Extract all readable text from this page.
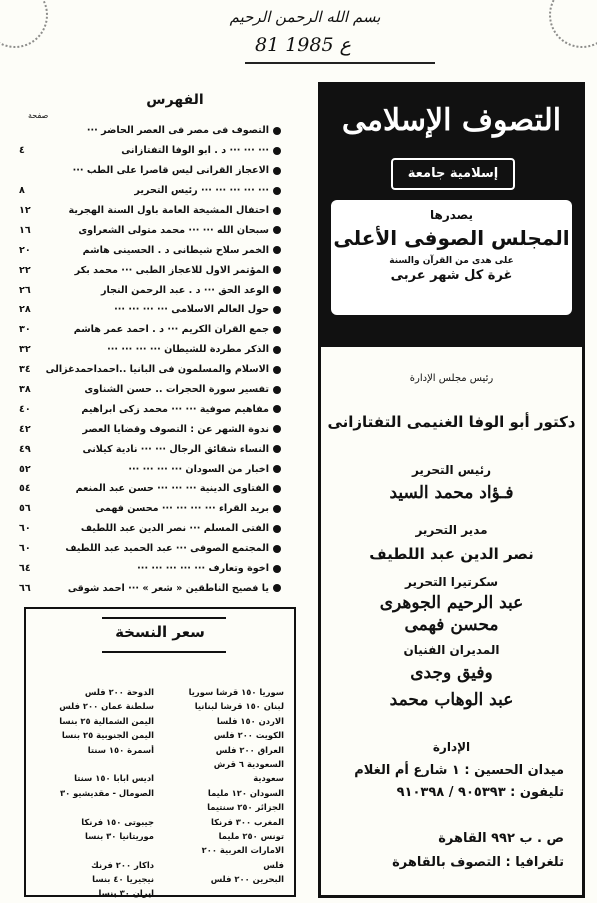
بسم الله الرحمن الرحيم
81 ع 1985
الفهرس
صفحة
التصوف فى مصر فى العصر الحاضر ···
··· ··· ··· د . ابو الوفا التفتازانى
٤
الاعجاز القرانى ليس قاصرا على الطب ···
··· ··· ··· ··· ··· رئيس التحرير
٨
احتفال المشيخة العامة باول السنة الهجرية
١٢
سبحان الله ··· ··· محمد متولى الشعراوى
١٦
الخمر سلاح شيطانى د . الحسينى هاشم
٢٠
المؤتمر الاول للاعجاز الطبى ··· محمد بكر
٢٢
الوعد الحق ··· د . عبد الرحمن النجار
٢٦
حول العالم الاسلامى ··· ··· ··· ···
٢٨
جمع القران الكريم ··· د . احمد عمر هاشم
٣٠
الذكر مطردة للشيطان ··· ··· ··· ···
٣٢
الاسلام والمسلمون فى البانيا ..احمداحمدغزالى
٣٤
تفسير سورة الحجرات .. حسن الشناوى
٣٨
مفاهيم صوفية ··· ··· محمد زكى ابراهيم
٤٠
ندوة الشهر عن : التصوف وقضايا العصر
٤٢
النساء شقائق الرجال ··· ··· نادية كيلانى
٤٩
اخبار من السودان ··· ··· ··· ···
٥٢
الفتاوى الدينية ··· ··· ··· حسن عبد المنعم
٥٤
بريد القراء ··· ··· ··· ··· محسن فهمى
٥٦
الفتى المسلم ··· نصر الدين عبد اللطيف
٦٠
المجتمع الصوفى ··· عبد الحميد عبد اللطيف
٦٠
اخوة وتعارف ··· ··· ··· ··· ···
٦٤
يا فصيح الناطقين « شعر » ··· احمد شوقى
٦٦
سعر النسخة
سوريا ١٥٠ قرشا سوريا
لبنان ١٥٠ قرشا لبنانيا
الاردن ١٥٠ فلسا
الكويت ٢٠٠ فلس
العراق ٢٠٠ فلس
السعودية ٦ قرش
سعودية
السودان ١٢٠ مليما
الجزائر ٢٥٠ سنتيما
المغرب ٣٠٠ فرنكا
تونس ٢٥٠ مليما
الامارات العربية ٢٠٠
فلس
البحرين ٢٠٠ فلس
الدوحة ٢٠٠ فلس
سلطنة عمان ٢٠٠ فلس
اليمن الشمالية ٢٥ بنسا
اليمن الجنوبية ٢٥ بنسا
أسمرة ١٥٠ سنتا
اديس ابابا ١٥٠ سنتا
الصومال - مقديشيو ٣٠
جيبوتى ١٥٠ فرنكا
موريتانيا ٣٠ بنسا
داكار ٢٠٠ فرنك
نيجيريا ٤٠ بنسا
ايران ٣٠ بنسا
التصوف الإسلامى
إسلامية جامعة
يصدرها
المجلس الصوفى الأعلى
على هدى من القرآن والسنة
غرة كل شهر عربى
رئيس مجلس الإدارة
دكتور أبو الوفا الغنيمى التفتازانى
رئيس التحرير
فـؤاد محمد السيد
مدير التحرير
نصر الدين عبد اللطيف
سكرتيرا التحرير
عبد الرحيم الجوهرى
محسن فهمى
المديران الفنيان
وفيق وجدى
عبد الوهاب محمد
الإدارة
ميدان الحسين : ١ شارع أم الغلام
تليفون : ٩٠٥٣٩٣ / ٩١٠٣٩٨
ص . ب ٩٩٢ القاهرة
تلغرافيا : التصوف بالقاهرة
